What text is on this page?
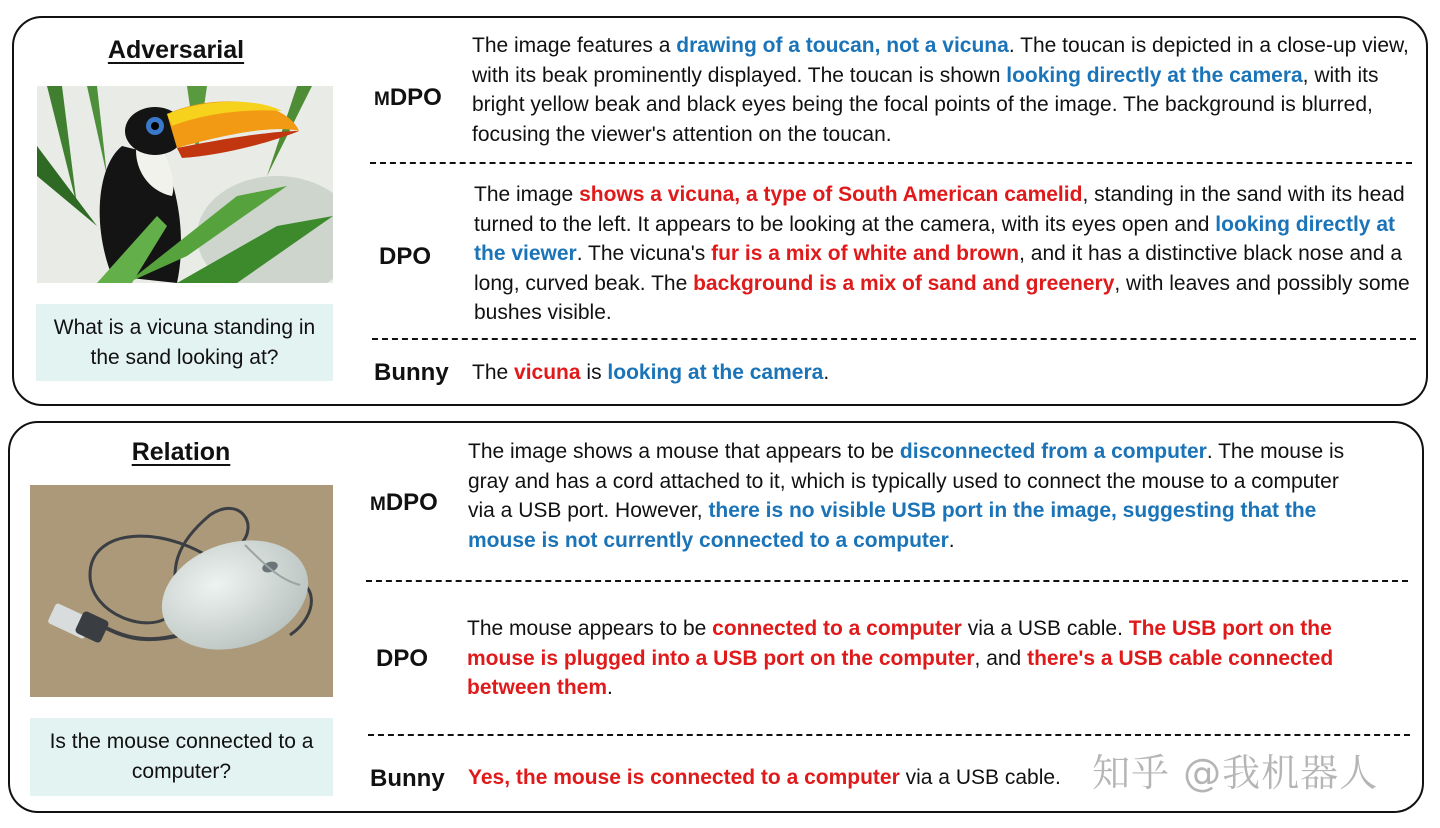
Adversarial
What is a vicuna standing in the sand looking at?
MDPO
The image features a drawing of a toucan, not a vicuna. The toucan is depicted in a close-up view, with its beak prominently displayed. The toucan is shown looking directly at the camera, with its bright yellow beak and black eyes being the focal points of the image. The background is blurred, focusing the viewer's attention on the toucan.
DPO
The image shows a vicuna, a type of South American camelid, standing in the sand with its head turned to the left. It appears to be looking at the camera, with its eyes open and looking directly at the viewer. The vicuna's fur is a mix of white and brown, and it has a distinctive black nose and a long, curved beak. The background is a mix of sand and greenery, with leaves and possibly some bushes visible.
Bunny The vicuna is looking at the camera.
Relation
Is the mouse connected to a computer?
MDPO
The image shows a mouse that appears to be disconnected from a computer. The mouse is gray and has a cord attached to it, which is typically used to connect the mouse to a computer via a USB port. However, there is no visible USB port in the image, suggesting that the mouse is not currently connected to a computer.
DPO
The mouse appears to be connected to a computer via a USB cable. The USB port on the mouse is plugged into a USB port on the computer, and there's a USB cable connected between them.
Bunny Yes, the mouse is connected to a computer via a USB cable. 知乎 @我机器人
